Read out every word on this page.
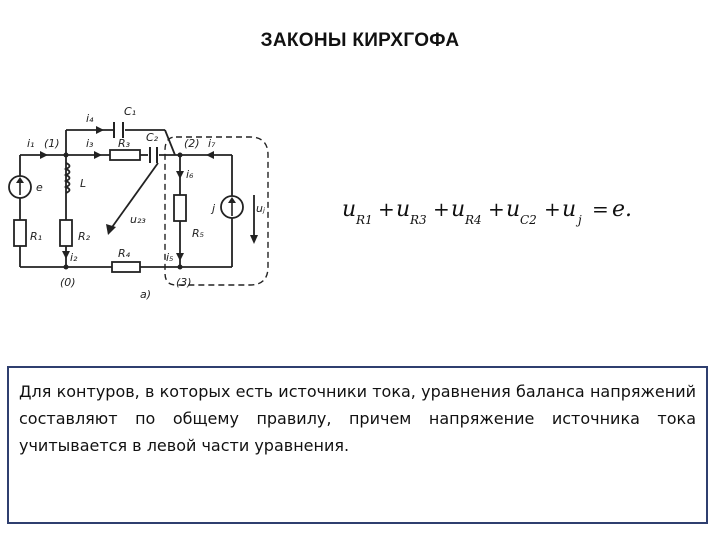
ЗАКОНЫ КИРХГОФА
i₁ (1)
i₄
C₁
i₃ R₃ C₂ (2) i₇
e	L
i₆
R₁	R₂
u₂₃
j
R₅
uⱼ
i₂	R₄	i₅
(0)
a)
(3)
u R1 + u R3 + u R4 + u C2 + u j = e.
Для контуров, в которых есть источники тока, уравнения баланса напряжений составляют по общему правилу, причем напряжение источника тока учитывается в левой части уравнения.
